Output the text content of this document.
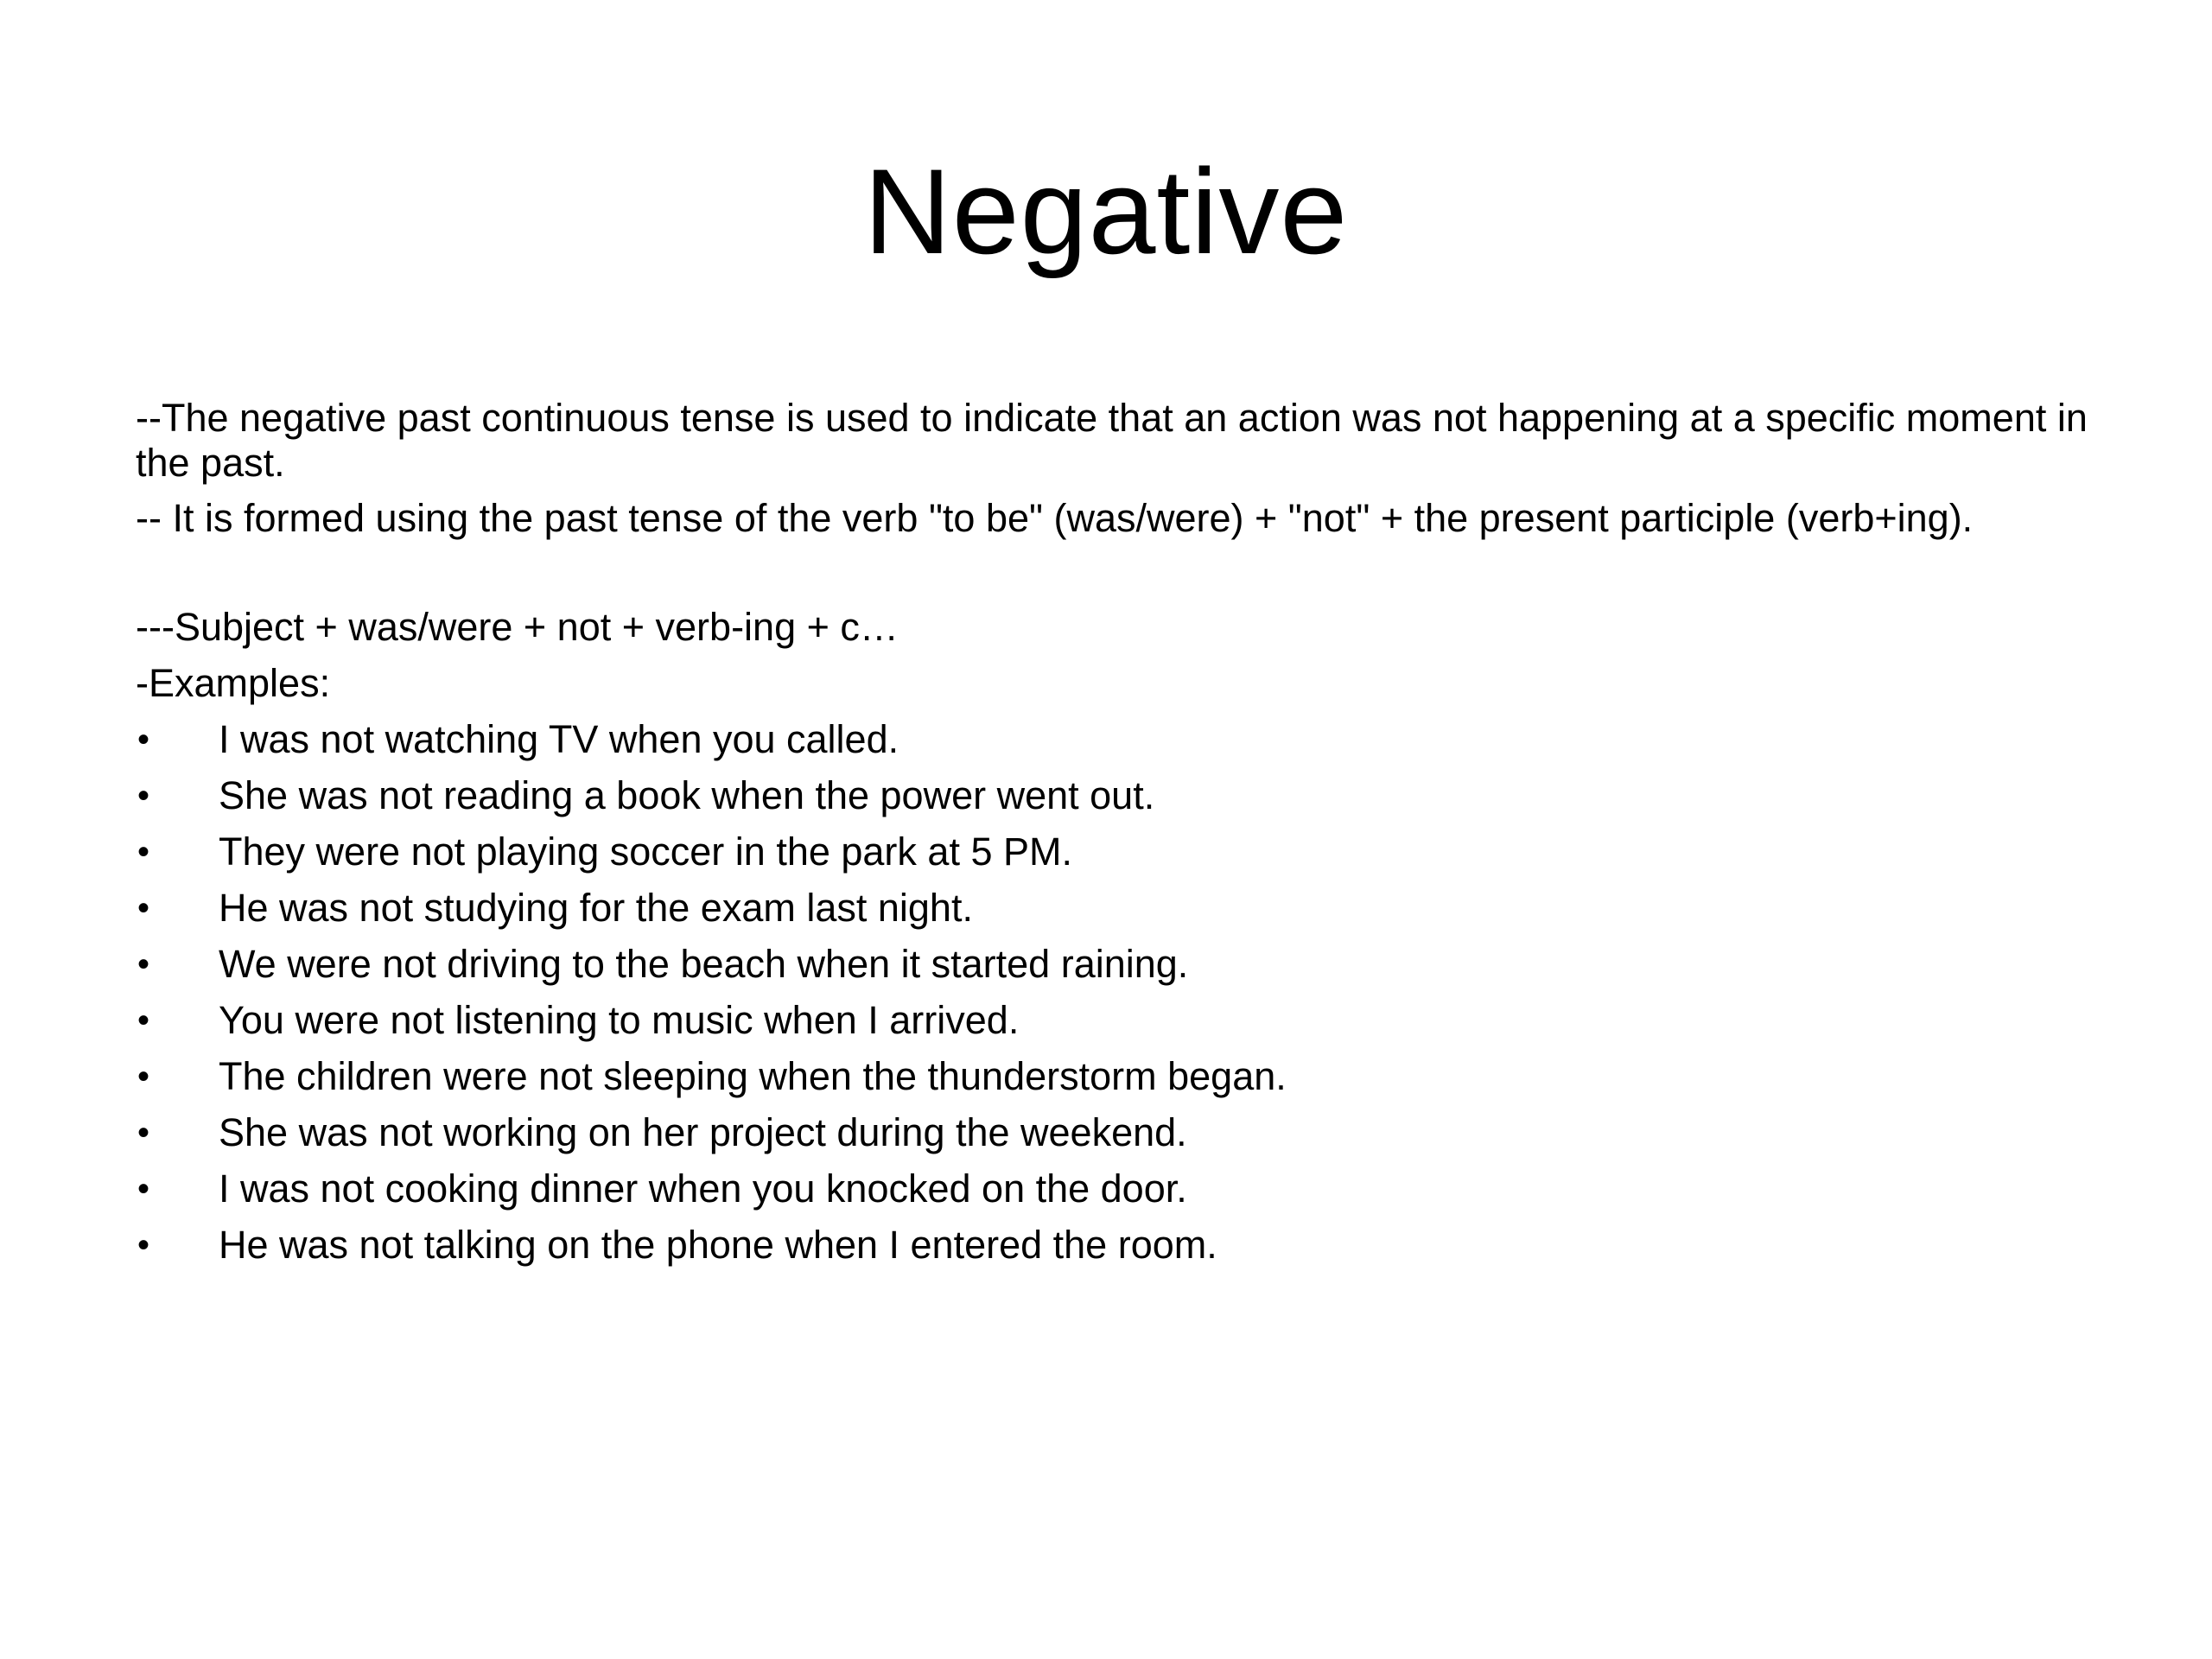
Negative

--The negative past continuous tense is used to indicate that an action was not happening at a specific moment in the past.

-- It is formed using the past tense of the verb "to be" (was/were) + "not" + the present participle (verb+ing).

---Subject + was/were + not + verb-ing + c…
-Examples:
•	I was not watching TV when you called.
•	She was not reading a book when the power went out.
•	They were not playing soccer in the park at 5 PM.
•	He was not studying for the exam last night.
•	We were not driving to the beach when it started raining.
•	You were not listening to music when I arrived.
•	The children were not sleeping when the thunderstorm began.
•	She was not working on her project during the weekend.
•	I was not cooking dinner when you knocked on the door.
•	He was not talking on the phone when I entered the room.
